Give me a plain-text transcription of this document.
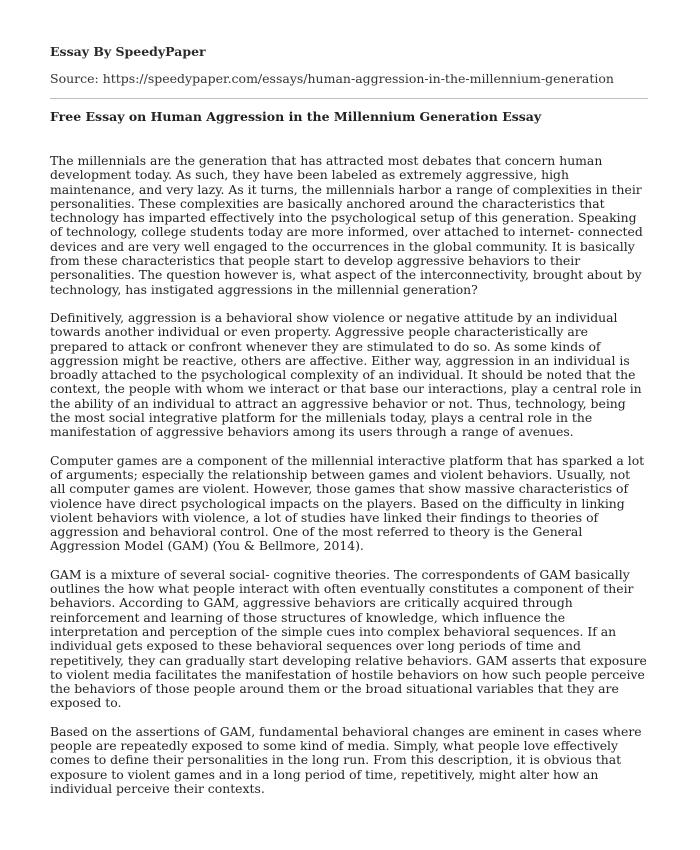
Essay By SpeedyPaper
Source: https://speedypaper.com/essays/human-aggression-in-the-millennium-generation
Free Essay on Human Aggression in the Millennium Generation Essay

The millennials are the generation that has attracted most debates that concern human development today. As such, they have been labeled as extremely aggressive, high maintenance, and very lazy. As it turns, the millennials harbor a range of complexities in their personalities. These complexities are basically anchored around the characteristics that technology has imparted effectively into the psychological setup of this generation. Speaking of technology, college students today are more informed, over attached to internet- connected devices and are very well engaged to the occurrences in the global community. It is basically from these characteristics that people start to develop aggressive behaviors to their personalities. The question however is, what aspect of the interconnectivity, brought about by technology, has instigated aggressions in the millennial generation?

Definitively, aggression is a behavioral show violence or negative attitude by an individual towards another individual or even property. Aggressive people characteristically are prepared to attack or confront whenever they are stimulated to do so. As some kinds of aggression might be reactive, others are affective. Either way, aggression in an individual is broadly attached to the psychological complexity of an individual. It should be noted that the context, the people with whom we interact or that base our interactions, play a central role in the ability of an individual to attract an aggressive behavior or not. Thus, technology, being the most social integrative platform for the millenials today, plays a central role in the manifestation of aggressive behaviors among its users through a range of avenues.

Computer games are a component of the millennial interactive platform that has sparked a lot of arguments; especially the relationship between games and violent behaviors. Usually, not all computer games are violent. However, those games that show massive characteristics of violence have direct psychological impacts on the players. Based on the difficulty in linking violent behaviors with violence, a lot of studies have linked their findings to theories of aggression and behavioral control. One of the most referred to theory is the General Aggression Model (GAM) (You & Bellmore, 2014).

GAM is a mixture of several social- cognitive theories. The correspondents of GAM basically outlines the how what people interact with often eventually constitutes a component of their behaviors. According to GAM, aggressive behaviors are critically acquired through reinforcement and learning of those structures of knowledge, which influence the interpretation and perception of the simple cues into complex behavioral sequences. If an individual gets exposed to these behavioral sequences over long periods of time and repetitively, they can gradually start developing relative behaviors. GAM asserts that exposure to violent media facilitates the manifestation of hostile behaviors on how such people perceive the behaviors of those people around them or the broad situational variables that they are exposed to.

Based on the assertions of GAM, fundamental behavioral changes are eminent in cases where people are repeatedly exposed to some kind of media. Simply, what people love effectively comes to define their personalities in the long run. From this description, it is obvious that exposure to violent games and in a long period of time, repetitively, might alter how an individual perceive their contexts.
